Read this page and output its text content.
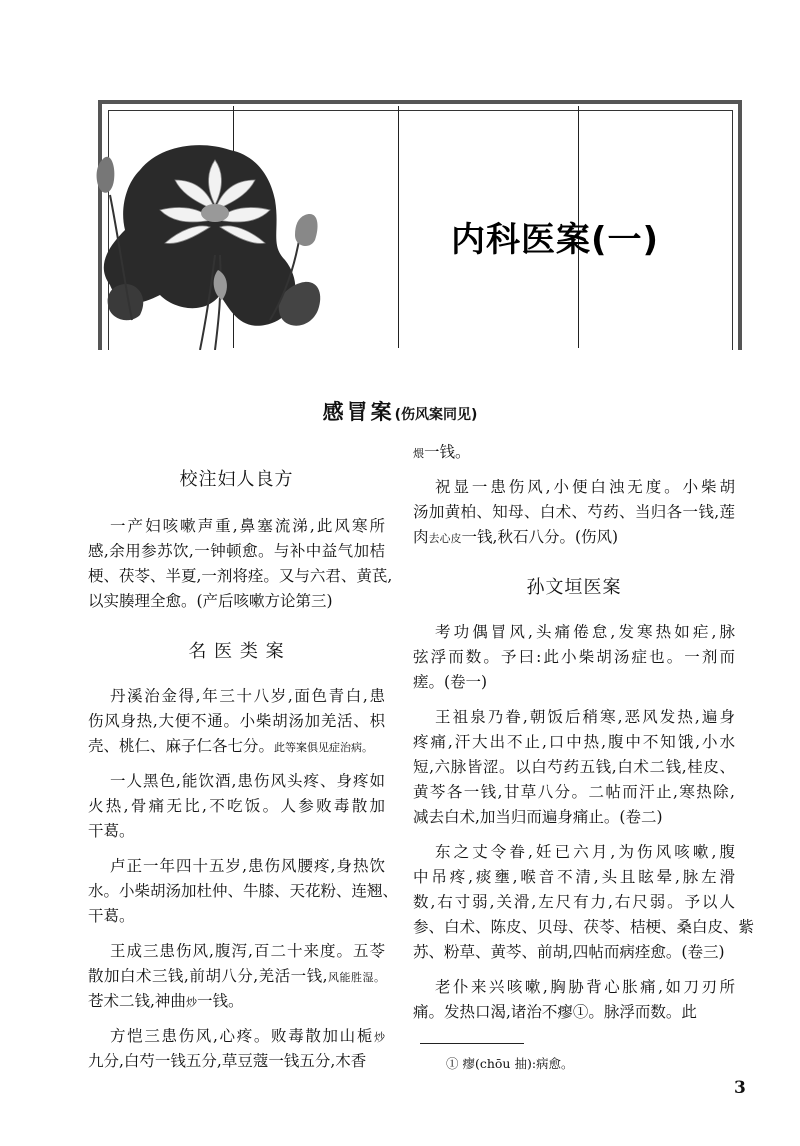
内科医案(一)
感冒案(伤风案同见)
校注妇人良方
一产妇咳嗽声重,鼻塞流涕,此风寒所
感,余用参苏饮,一钟顿愈。与补中益气加桔
梗、茯苓、半夏,一剂将痊。又与六君、黄芪,
以实腠理全愈。(产后咳嗽方论第三)
名 医 类 案
丹溪治金得,年三十八岁,面色青白,患
伤风身热,大便不通。小柴胡汤加羌活、枳
壳、桃仁、麻子仁各七分。此等案俱见症治病。
一人黑色,能饮酒,患伤风头疼、身疼如
火热,骨痛无比,不吃饭。人参败毒散加
干葛。
卢正一年四十五岁,患伤风腰疼,身热饮
水。小柴胡汤加杜仲、牛膝、天花粉、连翘、
干葛。
王成三患伤风,腹泻,百二十来度。五苓
散加白术三钱,前胡八分,羌活一钱,风能胜湿。
苍术二钱,神曲炒一钱。
方恺三患伤风,心疼。败毒散加山栀炒
九分,白芍一钱五分,草豆蔻一钱五分,木香
煨一钱。
祝显一患伤风,小便白浊无度。小柴胡
汤加黄柏、知母、白术、芍药、当归各一钱,莲
肉去心皮一钱,秋石八分。(伤风)
孙文垣医案
考功偶冒风,头痛倦怠,发寒热如疟,脉
弦浮而数。予曰:此小柴胡汤症也。一剂而
瘥。(卷一)
王祖泉乃眷,朝饭后稍寒,恶风发热,遍身
疼痛,汗大出不止,口中热,腹中不知饿,小水
短,六脉皆涩。以白芍药五钱,白术二钱,桂皮、
黄芩各一钱,甘草八分。二帖而汗止,寒热除,
减去白术,加当归而遍身痛止。(卷二)
东之丈令眷,妊已六月,为伤风咳嗽,腹
中吊疼,痰壅,喉音不清,头且眩晕,脉左滑
数,右寸弱,关滑,左尺有力,右尺弱。予以人
参、白术、陈皮、贝母、茯苓、桔梗、桑白皮、紫
苏、粉草、黄芩、前胡,四帖而病痊愈。(卷三)
老仆来兴咳嗽,胸胁背心胀痛,如刀刃所
痛。发热口渴,诸治不瘳①。脉浮而数。此
① 瘳(chōu 抽):病愈。
3
